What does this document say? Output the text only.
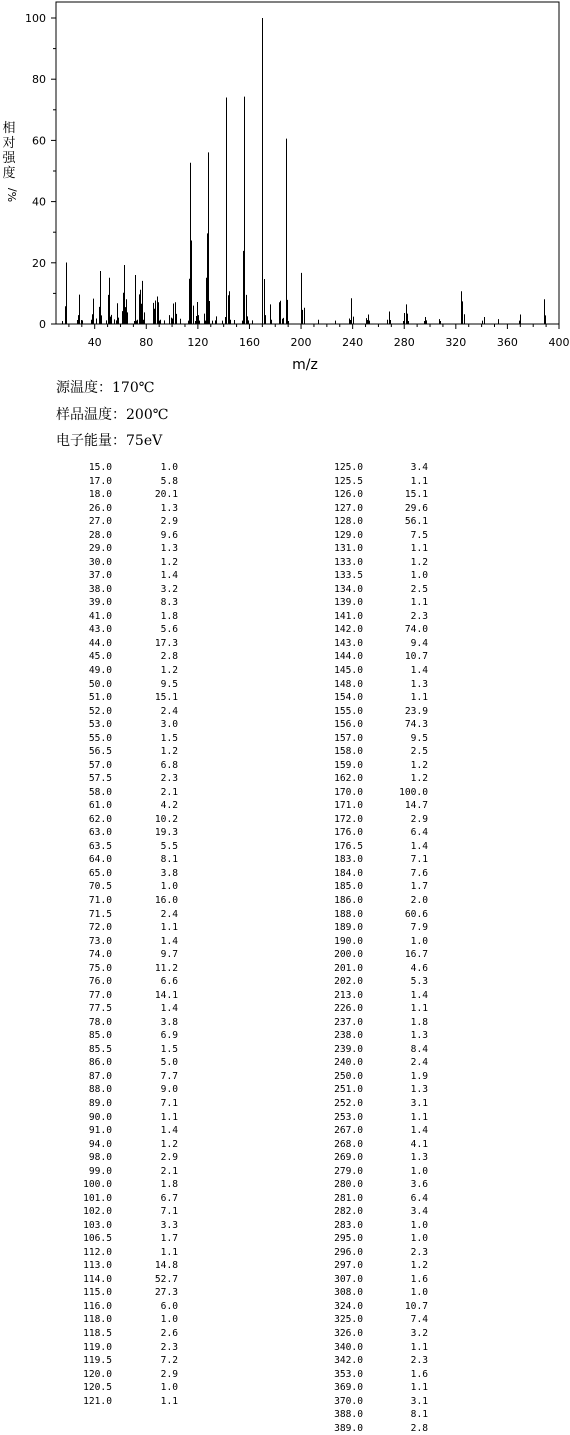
40	80	120	160	200	240	280	320	360	400
0
20
40
60
80
100
m/z
相对强度
%/
源温度：170℃
样品温度：200℃
电子能量：75eV
15.0	1.0
17.0	5.8
18.0	20.1
26.0	1.3
27.0	2.9
28.0	9.6
29.0	1.3
30.0	1.2
37.0	1.4
38.0	3.2
39.0	8.3
41.0	1.8
43.0	5.6
44.0	17.3
45.0	2.8
49.0	1.2
50.0	9.5
51.0	15.1
52.0	2.4
53.0	3.0
55.0	1.5
56.5	1.2
57.0	6.8
57.5	2.3
58.0	2.1
61.0	4.2
62.0	10.2
63.0	19.3
63.5	5.5
64.0	8.1
65.0	3.8
70.5	1.0
71.0	16.0
71.5	2.4
72.0	1.1
73.0	1.4
74.0	9.7
75.0	11.2
76.0	6.6
77.0	14.1
77.5	1.4
78.0	3.8
85.0	6.9
85.5	1.5
86.0	5.0
87.0	7.7
88.0	9.0
89.0	7.1
90.0	1.1
91.0	1.4
94.0	1.2
98.0	2.9
99.0	2.1
100.0	1.8
101.0	6.7
102.0	7.1
103.0	3.3
106.5	1.7
112.0	1.1
113.0	14.8
114.0	52.7
115.0	27.3
116.0	6.0
118.0	1.0
118.5	2.6
119.0	2.3
119.5	7.2
120.0	2.9
120.5	1.0
121.0	1.1
125.0	3.4
125.5	1.1
126.0	15.1
127.0	29.6
128.0	56.1
129.0	7.5
131.0	1.1
133.0	1.2
133.5	1.0
134.0	2.5
139.0	1.1
141.0	2.3
142.0	74.0
143.0	9.4
144.0	10.7
145.0	1.4
148.0	1.3
154.0	1.1
155.0	23.9
156.0	74.3
157.0	9.5
158.0	2.5
159.0	1.2
162.0	1.2
170.0	100.0
171.0	14.7
172.0	2.9
176.0	6.4
176.5	1.4
183.0	7.1
184.0	7.6
185.0	1.7
186.0	2.0
188.0	60.6
189.0	7.9
190.0	1.0
200.0	16.7
201.0	4.6
202.0	5.3
213.0	1.4
226.0	1.1
237.0	1.8
238.0	1.3
239.0	8.4
240.0	2.4
250.0	1.9
251.0	1.3
252.0	3.1
253.0	1.1
267.0	1.4
268.0	4.1
269.0	1.3
279.0	1.0
280.0	3.6
281.0	6.4
282.0	3.4
283.0	1.0
295.0	1.0
296.0	2.3
297.0	1.2
307.0	1.6
308.0	1.0
324.0	10.7
325.0	7.4
326.0	3.2
340.0	1.1
342.0	2.3
353.0	1.6
369.0	1.1
370.0	3.1
388.0	8.1
389.0	2.8
